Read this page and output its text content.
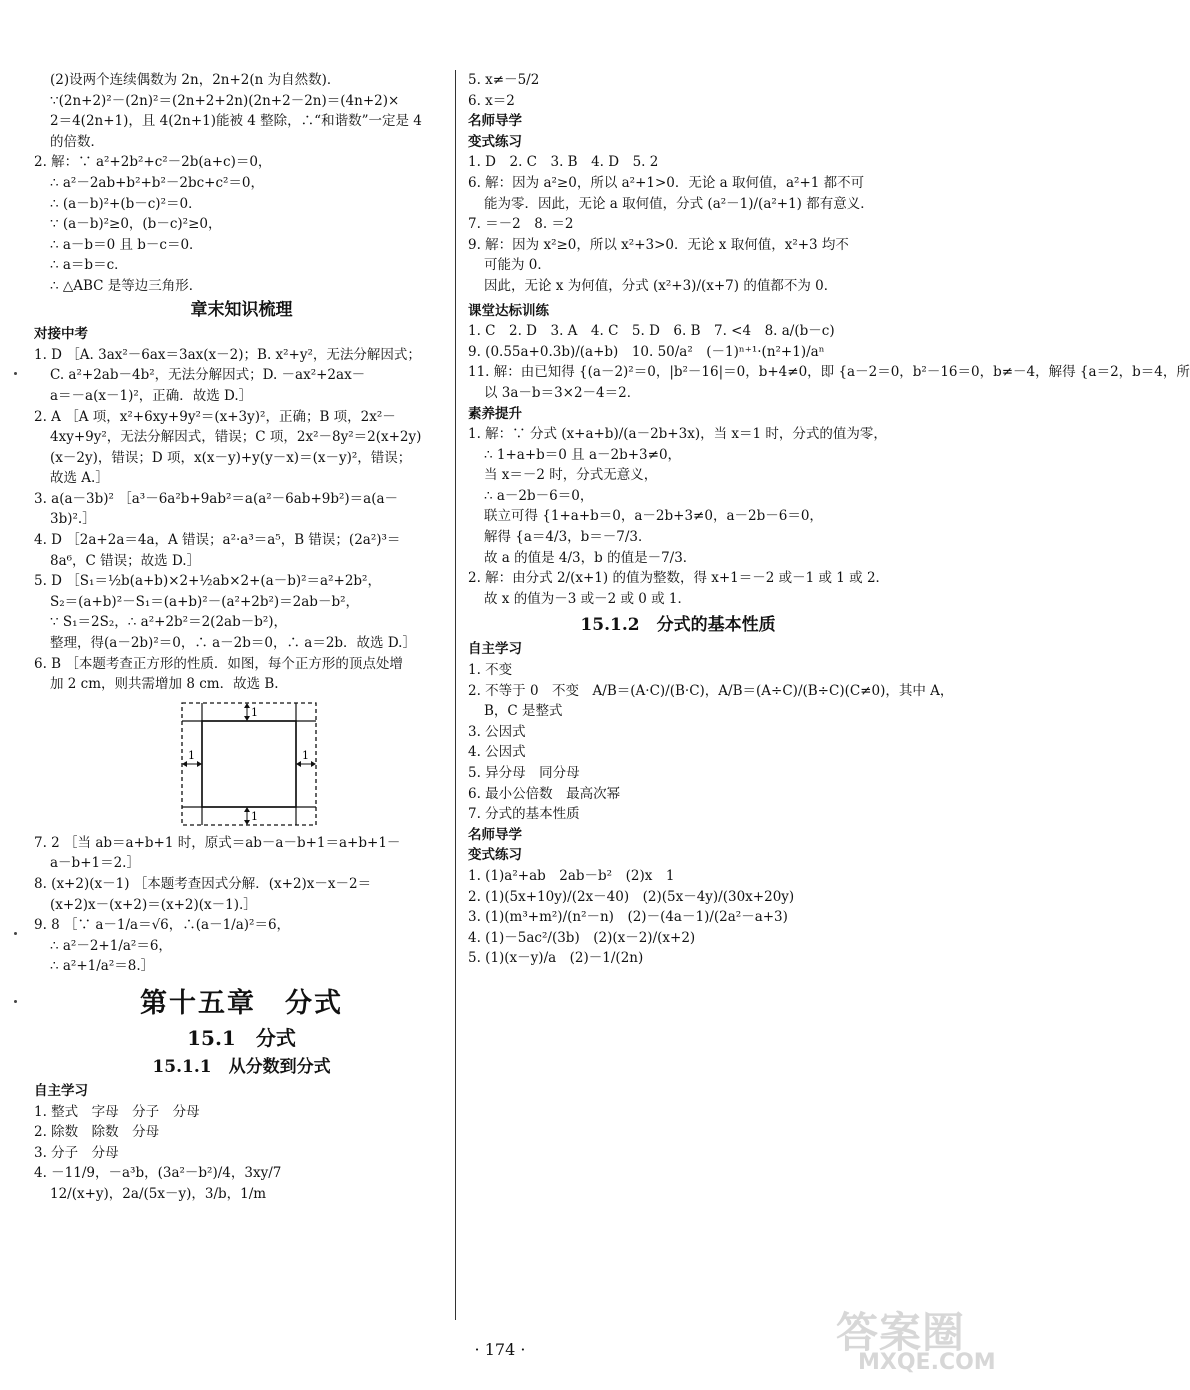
(2)设两个连续偶数为 2n，2n+2(n 为自然数)．
∵(2n+2)²－(2n)²＝(2n+2+2n)(2n+2－2n)＝(4n+2)×
2＝4(2n+1)，且 4(2n+1)能被 4 整除，∴“和谐数”一定是 4
的倍数．
2. 解：∵ a²+2b²+c²－2b(a+c)＝0，
∴ a²－2ab+b²+b²－2bc+c²＝0，
∴ (a－b)²+(b－c)²＝0．
∵ (a－b)²≥0，(b－c)²≥0，
∴ a－b＝0 且 b－c＝0．
∴ a＝b＝c．
∴ △ABC 是等边三角形．
章末知识梳理
对接中考
1. D ［A. 3ax²－6ax＝3ax(x－2)；B. x²+y²，无法分解因式；
C. a²+2ab－4b²，无法分解因式；D. －ax²+2ax－
a＝－a(x－1)²，正确．故选 D.］
2. A ［A 项，x²+6xy+9y²＝(x+3y)²，正确；B 项，2x²－
4xy+9y²，无法分解因式，错误；C 项，2x²－8y²＝2(x+2y)
(x－2y)，错误；D 项，x(x－y)+y(y－x)＝(x－y)²，错误；
故选 A.］
3. a(a－3b)² ［a³－6a²b+9ab²＝a(a²－6ab+9b²)＝a(a－
3b)².］
4. D ［2a+2a＝4a，A 错误；a²·a³＝a⁵，B 错误；(2a²)³＝
8a⁶，C 错误；故选 D.］
5. D ［S₁＝½b(a+b)×2+½ab×2+(a－b)²＝a²+2b²，
S₂＝(a+b)²－S₁＝(a+b)²－(a²+2b²)＝2ab－b²，
∵ S₁＝2S₂，∴ a²+2b²＝2(2ab－b²)，
整理，得(a－2b)²＝0，∴ a－2b＝0，∴ a＝2b．故选 D.］
6. B ［本题考查正方形的性质．如图，每个正方形的顶点处增
加 2 cm，则共需增加 8 cm．故选 B.
1
1
1	1
7. 2 ［当 ab＝a+b+1 时，原式＝ab－a－b+1＝a+b+1－
a－b+1＝2.］
8. (x+2)(x－1) ［本题考查因式分解．(x+2)x－x－2＝
(x+2)x－(x+2)＝(x+2)(x－1).］
9. 8 ［∵ a－1/a＝√6，∴(a－1/a)²＝6，
∴ a²－2+1/a²＝6，
∴ a²+1/a²＝8.］
第十五章　分式
15.1　分式
15.1.1　从分数到分式
自主学习
1. 整式　字母　分子　分母
2. 除数　除数　分母
3. 分子　分母
4. －11/9，－a³b，(3a²－b²)/4，3xy/7
12/(x+y)，2a/(5x－y)，3/b，1/m
5. x≠－5/2
6. x＝2
名师导学
变式练习
1. D　2. C　3. B　4. D　5. 2
6. 解：因为 a²≥0，所以 a²+1>0．无论 a 取何值，a²+1 都不可
能为零．因此，无论 a 取何值，分式 (a²－1)/(a²+1) 都有意义．
7. ＝－2　8. ＝2
9. 解：因为 x²≥0，所以 x²+3>0．无论 x 取何值，x²+3 均不
可能为 0．
因此，无论 x 为何值，分式 (x²+3)/(x+7) 的值都不为 0．
课堂达标训练
1. C　2. D　3. A　4. C　5. D　6. B　7. <4　8. a/(b－c)
9. (0.55a+0.3b)/(a+b)　10. 50/a²　(－1)ⁿ⁺¹·(n²+1)/aⁿ
11. 解：由已知得 {(a－2)²＝0，|b²－16|＝0，b+4≠0，即 {a－2＝0，b²－16＝0，b≠－4，解得 {a＝2，b＝4，所
以 3a－b＝3×2－4＝2．
素养提升
1. 解：∵ 分式 (x+a+b)/(a－2b+3x)，当 x＝1 时，分式的值为零，
∴ 1+a+b＝0 且 a－2b+3≠0，
当 x＝－2 时，分式无意义，
∴ a－2b－6＝0，
联立可得 {1+a+b＝0，a－2b+3≠0，a－2b－6＝0，
解得 {a＝4/3，b＝－7/3．
故 a 的值是 4/3，b 的值是－7/3．
2. 解：由分式 2/(x+1) 的值为整数，得 x+1＝－2 或－1 或 1 或 2．
故 x 的值为－3 或－2 或 0 或 1．
15.1.2　分式的基本性质
自主学习
1. 不变
2. 不等于 0　不变　A/B＝(A·C)/(B·C)，A/B＝(A÷C)/(B÷C)(C≠0)，其中 A，
B，C 是整式
3. 公因式
4. 公因式
5. 异分母　同分母
6. 最小公倍数　最高次幂
7. 分式的基本性质
名师导学
变式练习
1. (1)a²+ab　2ab－b²　(2)x　1
2. (1)(5x+10y)/(2x－40)　(2)(5x－4y)/(30x+20y)
3. (1)(m³+m²)/(n²－n)　(2)－(4a－1)/(2a²－a+3)
4. (1)－5ac²/(3b)　(2)(x－2)/(x+2)
5. (1)(x－y)/a　(2)－1/(2n)
· 174 ·	答案圈
MXQE.COM
